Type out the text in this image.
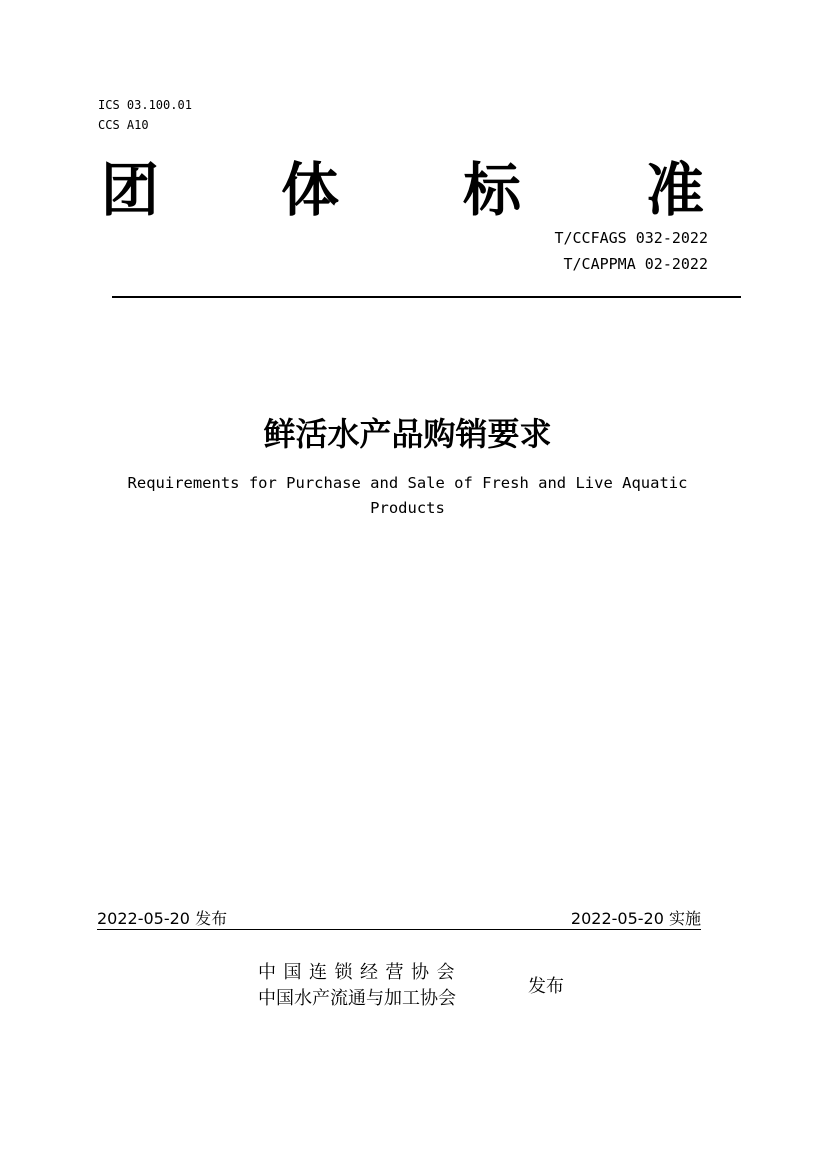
ICS 03.100.01
CCS A10
团 体 标 准
T/CCFAGS 032-2022
T/CAPPMA 02-2022
鲜活水产品购销要求
Requirements for Purchase and Sale of Fresh and Live Aquatic Products
2022-05-20 发布	2022-05-20 实施
中国连锁经营协会
中国水产流通与加工协会
发布
